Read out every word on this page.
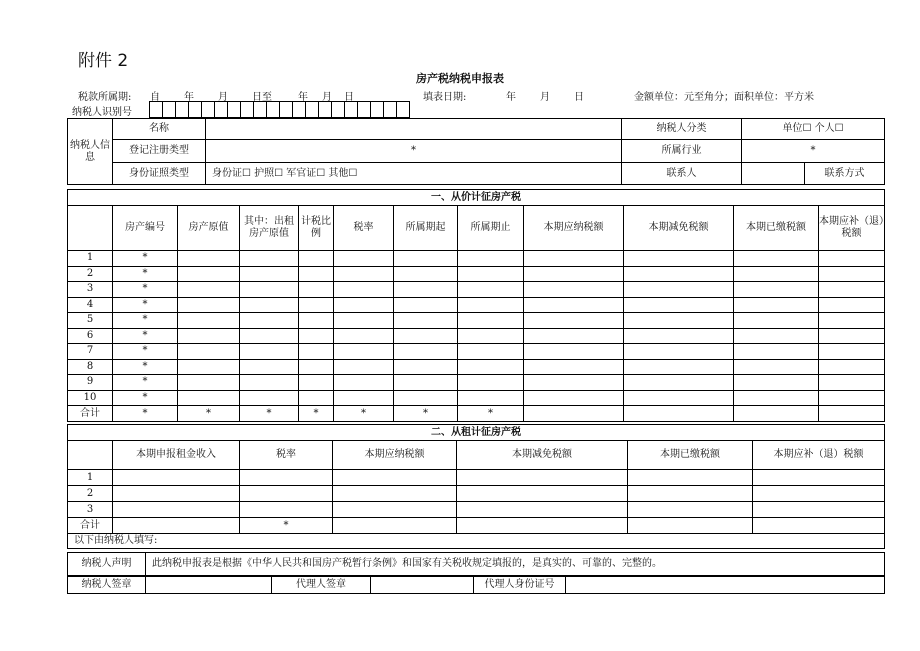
附件 2
房产税纳税申报表
税款所属期: 自 年 月 日至	年 月 日	填表日期:	年 月 日	金额单位：元至角分；面积单位：平方米
纳税人识别号
纳税人信息	名称		纳税人分类	单位☐ 个人☐		
	登记注册类型	*	所属行业	*		
	身份证照类型	身份证☐ 护照☐ 军官证☐ 其他☐	联系人		联系方式	
一、从价计征房产税											
	房产编号	房产原值	其中：出租房产原值	计税比例	税率	所属期起	所属期止	本期应纳税额	本期减免税额	本期已缴税额	本期应补（退）税额
1	*										
2	*										
3	*										
4	*										
5	*										
6	*										
7	*										
8	*										
9	*										
10	*										
合计	*	*	*	*	*	*	*				
二、从租计征房产税						
	本期申报租金收入	税率	本期应纳税额	本期减免税额	本期已缴税额	本期应补（退）税额
1						
2						
3						
合计		*				
以下由纳税人填写:						
纳税人声明	此纳税申报表是根据《中华人民共和国房产税暂行条例》和国家有关税收规定填报的，是真实的、可靠的、完整的。
纳税人签章		代理人签章		代理人身份证号	
